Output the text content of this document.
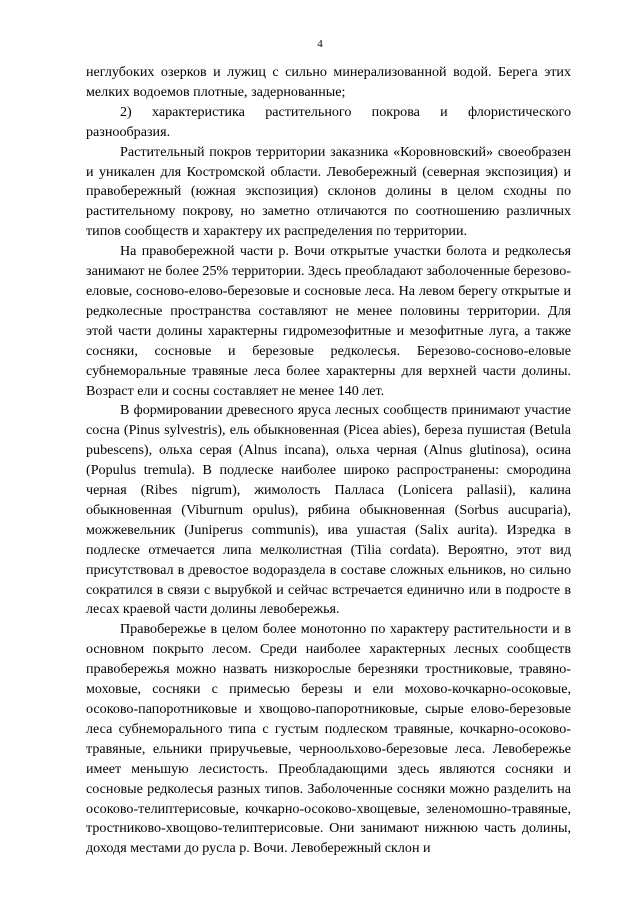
4

неглубоких озерков и лужиц с сильно минерализованной водой. Берега этих мелких водоемов плотные, задернованные;

2) характеристика растительного покрова и флористического разнообразия.

Растительный покров территории заказника «Коровновский» своеобразен и уникален для Костромской области. Левобережный (северная экспозиция) и правобережный (южная экспозиция) склонов долины в целом сходны по растительному покрову, но заметно отличаются по соотношению различных типов сообществ и характеру их распределения по территории.

На правобережной части р. Вочи открытые участки болота и редколесья занимают не более 25% территории. Здесь преобладают заболоченные березово-еловые, сосново-елово-березовые и сосновые леса. На левом берегу открытые и редколесные пространства составляют не менее половины территории. Для этой части долины характерны гидромезофитные и мезофитные луга, а также сосняки, сосновые и березовые редколесья. Березово-сосново-еловые субнеморальные травяные леса более характерны для верхней части долины. Возраст ели и сосны составляет не менее 140 лет.

В формировании древесного яруса лесных сообществ принимают участие сосна (Pinus sylvestris), ель обыкновенная (Picea abies), береза пушистая (Betula pubescens), ольха серая (Alnus incana), ольха черная (Alnus glutinosa), осина (Populus tremula). В подлеске наиболее широко распространены: смородина черная (Ribes nigrum), жимолость Палласа (Lonicera pallasii), калина обыкновенная (Viburnum opulus), рябина обыкновенная (Sorbus aucuparia), можжевельник (Juniperus communis), ива ушастая (Salix aurita). Изредка в подлеске отмечается липа мелколистная (Tilia cordata). Вероятно, этот вид присутствовал в древостое водораздела в составе сложных ельников, но сильно сократился в связи с вырубкой и сейчас встречается единично или в подросте в лесах краевой части долины левобережья.

Правобережье в целом более монотонно по характеру растительности и в основном покрыто лесом. Среди наиболее характерных лесных сообществ правобережья можно назвать низкорослые березняки тростниковые, травяно-моховые, сосняки с примесью березы и ели мохово-кочкарно-осоковые, осоково-папоротниковые и хвощово-папоротниковые, сырые елово-березовые леса субнеморального типа с густым подлеском травяные, кочкарно-осоково-травяные, ельники приручьевые, черноольхово-березовые леса. Левобережье имеет меньшую лесистость. Преобладающими здесь являются сосняки и сосновые редколесья разных типов. Заболоченные сосняки можно разделить на осоково-телиптерисовые, кочкарно-осоково-хвощевые, зеленомошно-травяные, тростниково-хвощово-телиптерисовые. Они занимают нижнюю часть долины, доходя местами до русла р. Вочи. Левобережный склон и
